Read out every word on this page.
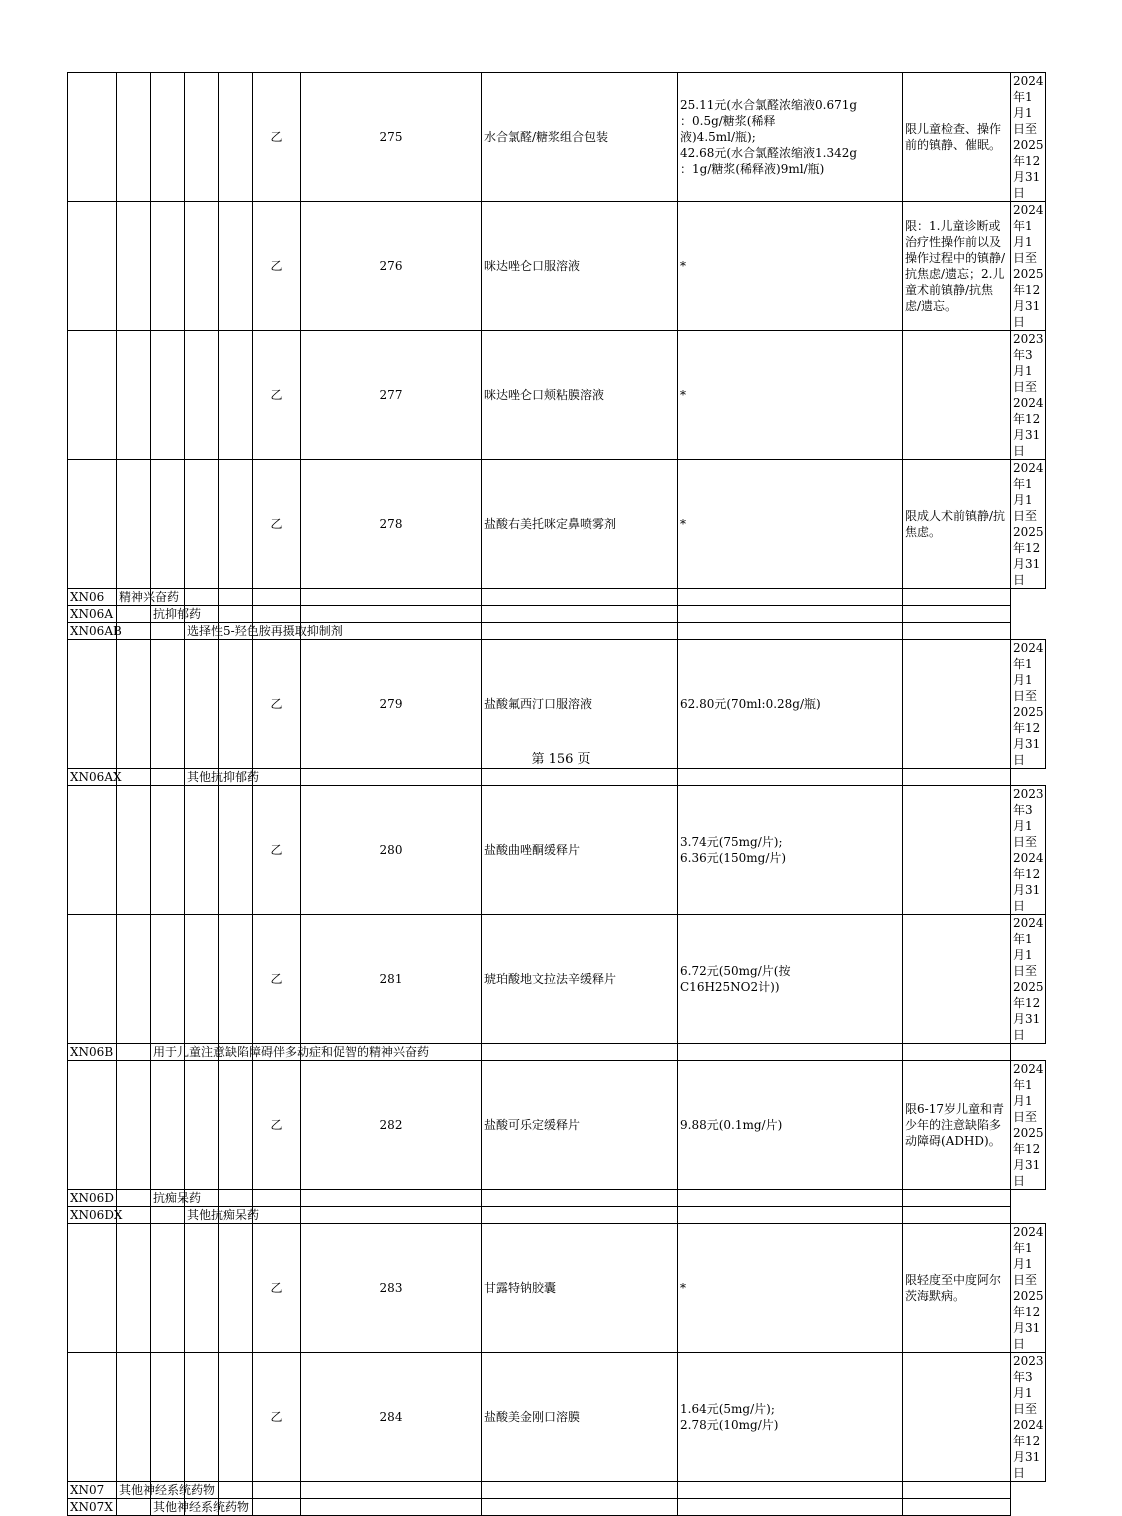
					乙	275	水合氯醛/糖浆组合包装	25.11元(水合氯醛浓缩液0.671g
：0.5g/糖浆(稀释
液)4.5ml/瓶);
42.68元(水合氯醛浓缩液1.342g
：1g/糖浆(稀释液)9ml/瓶)	限儿童检查、操作前的镇静、催眠。	2024年1月1日至
2025年12月31日
					乙	276	咪达唑仑口服溶液	*	限：1.儿童诊断或治疗性操作前以及操作过程中的镇静/抗焦虑/遗忘；2.儿童术前镇静/抗焦虑/遗忘。	2024年1月1日至
2025年12月31日
					乙	277	咪达唑仑口颊粘膜溶液	*		2023年3月1日至
2024年12月31日
					乙	278	盐酸右美托咪定鼻喷雾剂	*	限成人术前镇静/抗焦虑。	2024年1月1日至
2025年12月31日
XN06	精神兴奋药									
XN06A		抗抑郁药								
XN06AB			选择性5-羟色胺再摄取抑制剂							
					乙	279	盐酸氟西汀口服溶液	62.80元(70ml:0.28g/瓶)		2024年1月1日至
2025年12月31日
XN06AX			其他抗抑郁药							
					乙	280	盐酸曲唑酮缓释片	3.74元(75mg/片);
6.36元(150mg/片)		2023年3月1日至
2024年12月31日
					乙	281	琥珀酸地文拉法辛缓释片	6.72元(50mg/片(按
C16H25NO2计))		2024年1月1日至
2025年12月31日
XN06B		用于儿童注意缺陷障碍伴多动症和促智的精神兴奋药								
					乙	282	盐酸可乐定缓释片	9.88元(0.1mg/片)	限6-17岁儿童和青少年的注意缺陷多动障碍(ADHD)。	2024年1月1日至
2025年12月31日
XN06D		抗痴呆药								
XN06DX			其他抗痴呆药							
					乙	283	甘露特钠胶囊	*	限轻度至中度阿尔茨海默病。	2024年1月1日至
2025年12月31日
					乙	284	盐酸美金刚口溶膜	1.64元(5mg/片);
2.78元(10mg/片)		2023年3月1日至
2024年12月31日
XN07	其他神经系统药物									
XN07X		其他神经系统药物								
第 156 页
